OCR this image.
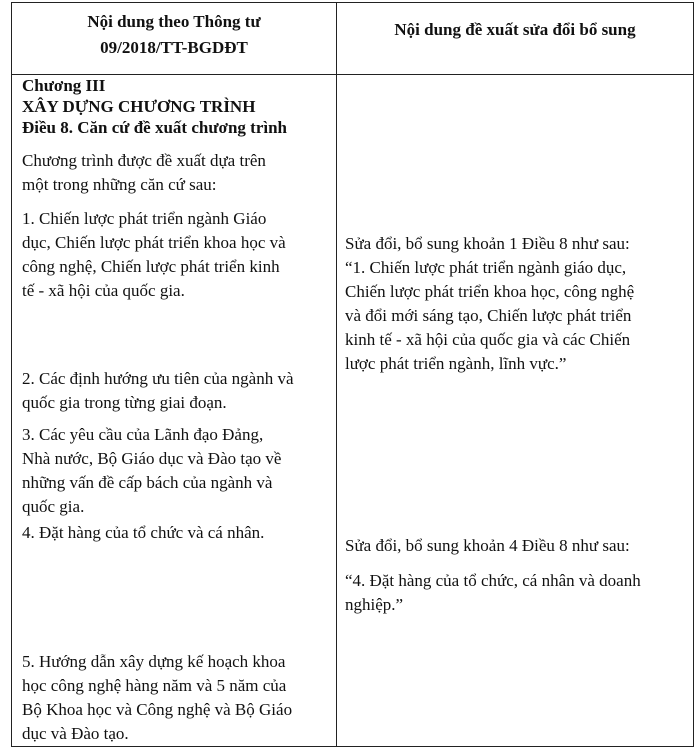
Nội dung theo Thông tư
09/2018/TT-BGDĐT
Nội dung đề xuất sửa đổi bổ sung
Chương III
XÂY DỰNG CHƯƠNG TRÌNH
Điều 8. Căn cứ đề xuất chương trình
Chương trình được đề xuất dựa trên
một trong những căn cứ sau:
1. Chiến lược phát triển ngành Giáo
dục, Chiến lược phát triển khoa học và
công nghệ, Chiến lược phát triển kinh
tế - xã hội của quốc gia.
2. Các định hướng ưu tiên của ngành và
quốc gia trong từng giai đoạn.
3. Các yêu cầu của Lãnh đạo Đảng,
Nhà nước, Bộ Giáo dục và Đào tạo về
những vấn đề cấp bách của ngành và
quốc gia.
4. Đặt hàng của tổ chức và cá nhân.
5. Hướng dẫn xây dựng kế hoạch khoa
học công nghệ hàng năm và 5 năm của
Bộ Khoa học và Công nghệ và Bộ Giáo
dục và Đào tạo.
Sửa đổi, bổ sung khoản 1 Điều 8 như sau:
“1. Chiến lược phát triển ngành giáo dục,
Chiến lược phát triển khoa học, công nghệ
và đổi mới sáng tạo, Chiến lược phát triển
kinh tế - xã hội của quốc gia và các Chiến
lược phát triển ngành, lĩnh vực.”
Sửa đổi, bổ sung khoản 4 Điều 8 như sau:
“4. Đặt hàng của tổ chức, cá nhân và doanh
nghiệp.”
